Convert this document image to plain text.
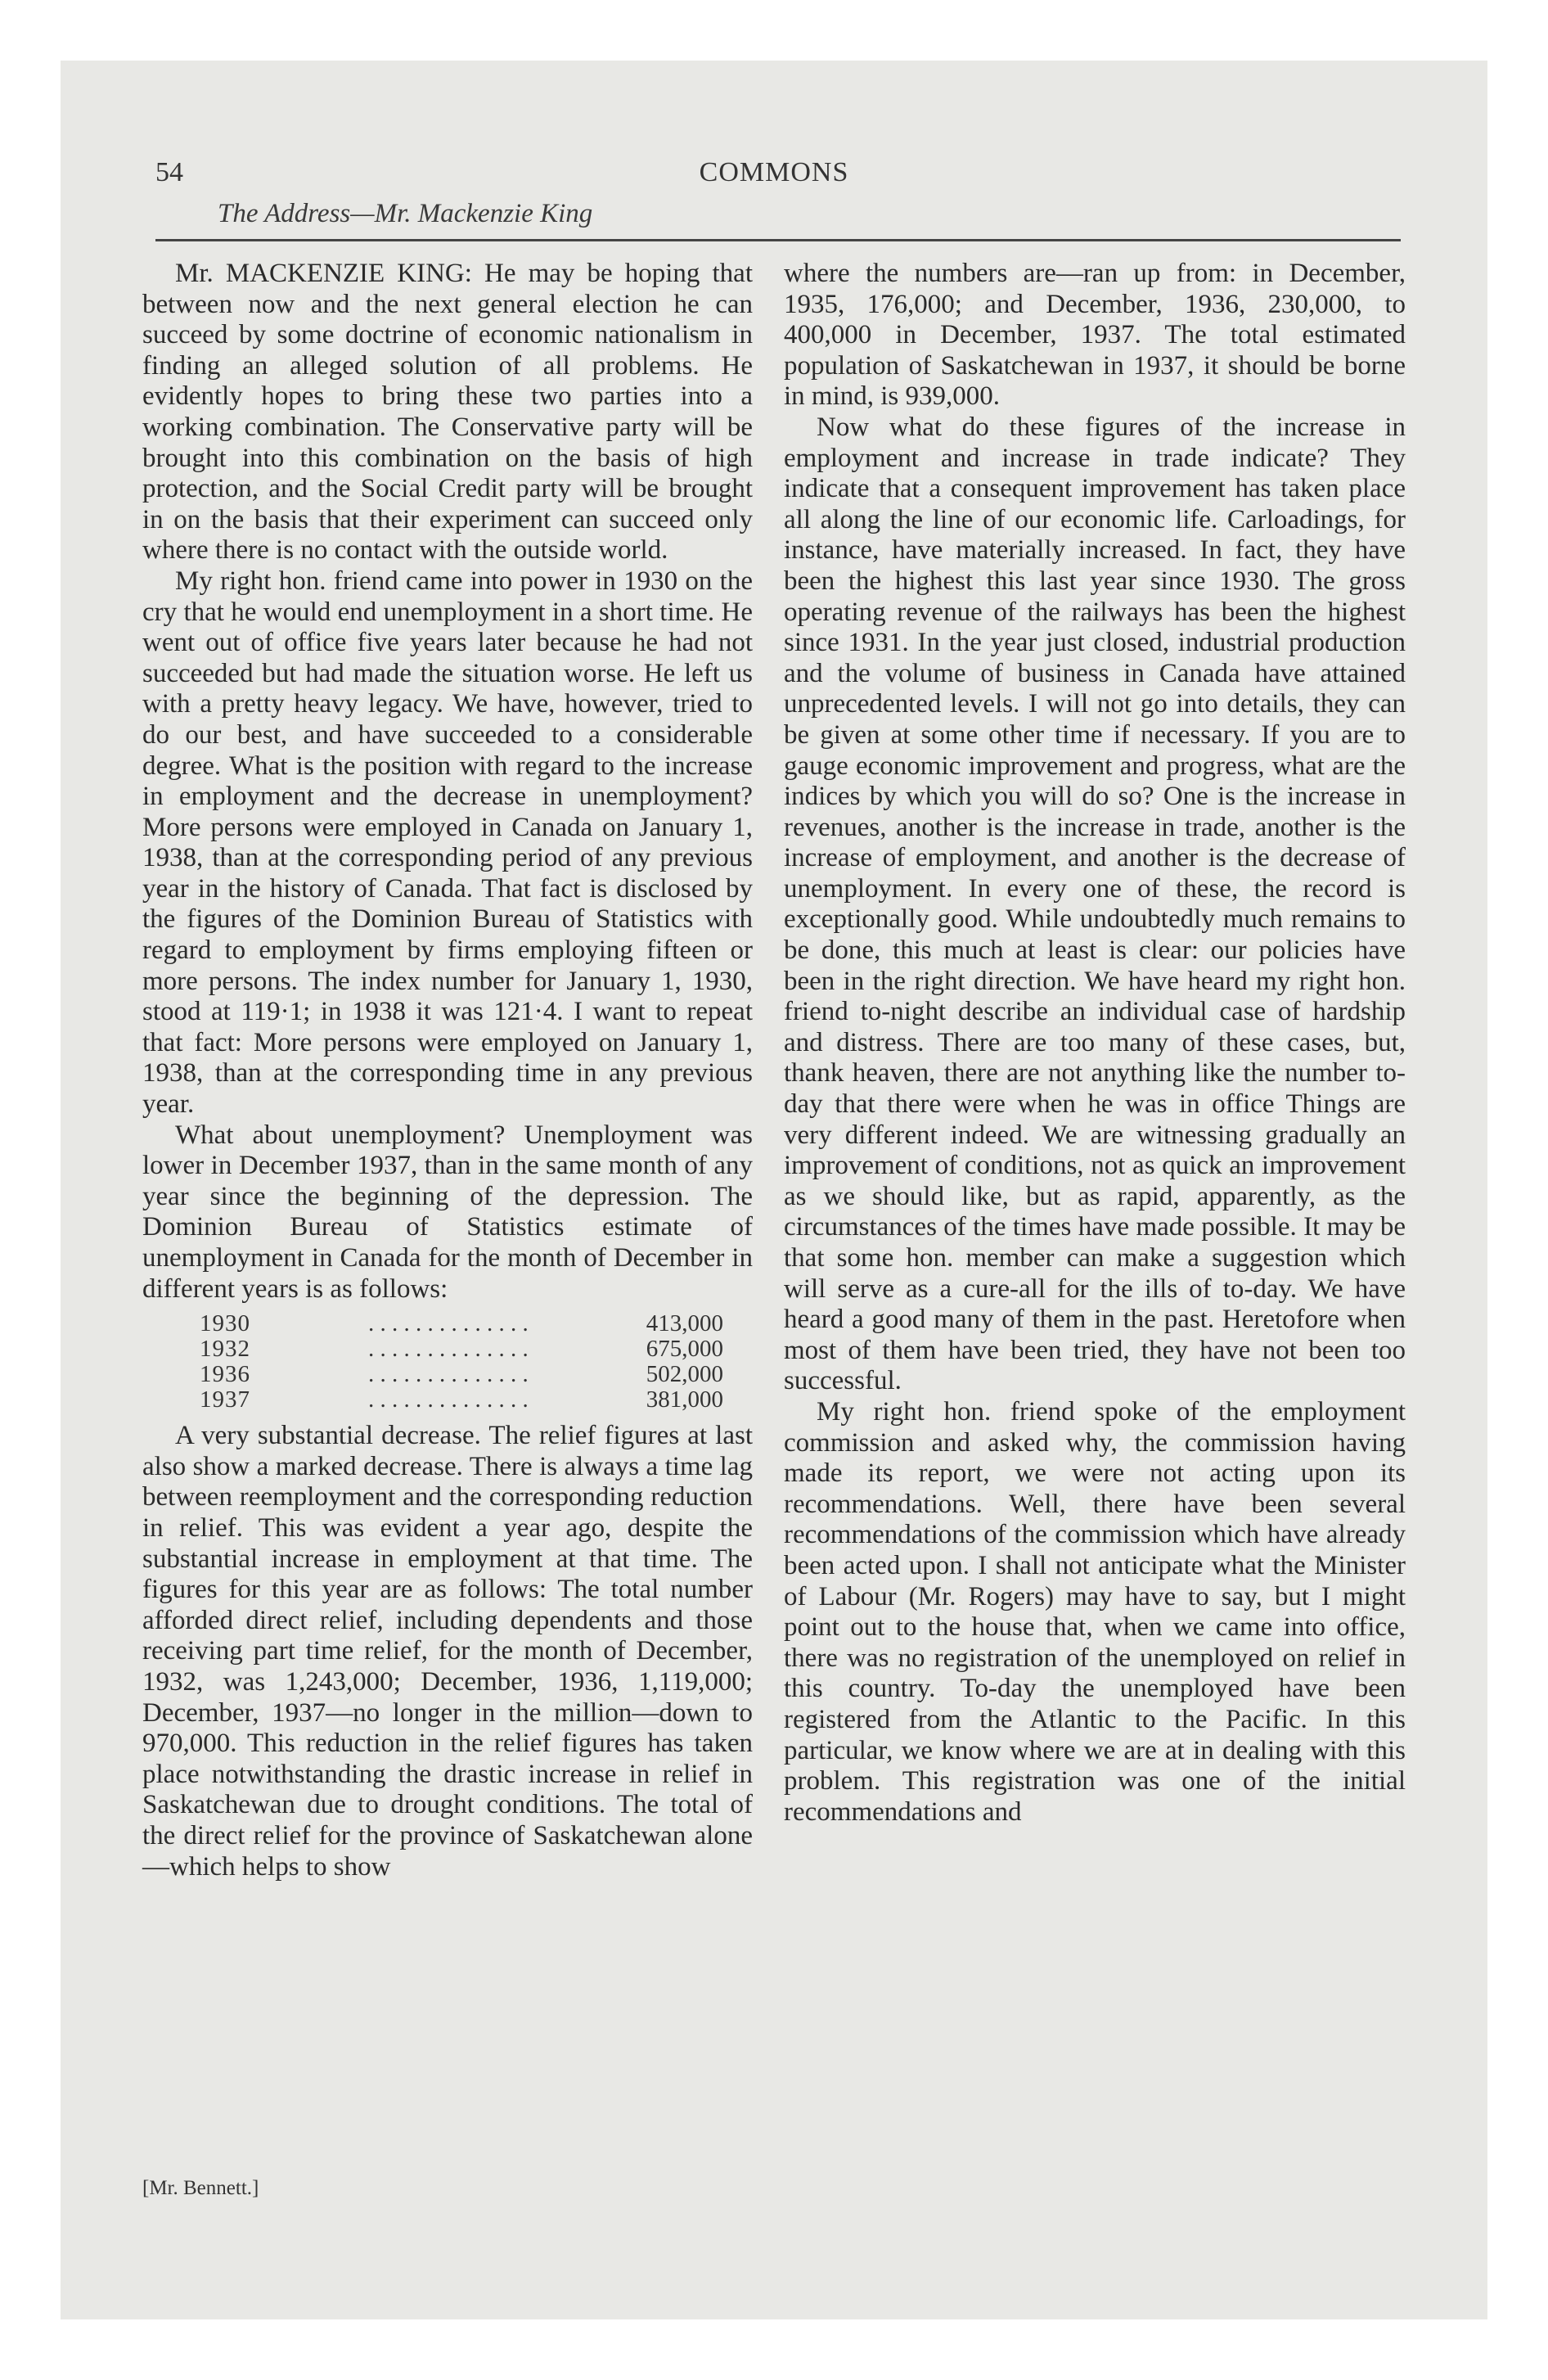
54	COMMONS
The Address—Mr. Mackenzie King

Mr. MACKENZIE KING: He may be hoping that between now and the next general election he can succeed by some doctrine of economic nationalism in finding an alleged solution of all problems. He evidently hopes to bring these two parties into a working combination. The Conservative party will be brought into this combination on the basis of high protection, and the Social Credit party will be brought in on the basis that their experiment can succeed only where there is no contact with the outside world.

My right hon. friend came into power in 1930 on the cry that he would end unemployment in a short time. He went out of office five years later because he had not succeeded but had made the situation worse. He left us with a pretty heavy legacy. We have, however, tried to do our best, and have succeeded to a considerable degree. What is the position with regard to the increase in employment and the decrease in unemployment? More persons were employed in Canada on January 1, 1938, than at the corresponding period of any previous year in the history of Canada. That fact is disclosed by the figures of the Dominion Bureau of Statistics with regard to employment by firms employing fifteen or more persons. The index number for January 1, 1930, stood at 119·1; in 1938 it was 121·4. I want to repeat that fact: More persons were employed on January 1, 1938, than at the corresponding time in any previous year.

What about unemployment? Unemployment was lower in December 1937, than in the same month of any year since the beginning of the depression. The Dominion Bureau of Statistics estimate of unemployment in Canada for the month of December in different years is as follows:

1930	. . . . . . . . . . . . . .	413,000
1932	. . . . . . . . . . . . . .	675,000
1936	. . . . . . . . . . . . . .	502,000
1937	. . . . . . . . . . . . . .	381,000

A very substantial decrease. The relief figures at last also show a marked decrease. There is always a time lag between reemployment and the corresponding reduction in relief. This was evident a year ago, despite the substantial increase in employment at that time. The figures for this year are as follows: The total number afforded direct relief, including dependents and those receiving part time relief, for the month of December, 1932, was 1,243,000; December, 1936, 1,119,000; December, 1937—no longer in the million—down to 970,000. This reduction in the relief figures has taken place notwithstanding the drastic increase in relief in Saskatchewan due to drought conditions. The total of the direct relief for the province of Saskatchewan alone—which helps to show

[Mr. Bennett.]

where the numbers are—ran up from: in December, 1935, 176,000; and December, 1936, 230,000, to 400,000 in December, 1937. The total estimated population of Saskatchewan in 1937, it should be borne in mind, is 939,000.

Now what do these figures of the increase in employment and increase in trade indicate? They indicate that a consequent improvement has taken place all along the line of our economic life. Carloadings, for instance, have materially increased. In fact, they have been the highest this last year since 1930. The gross operating revenue of the railways has been the highest since 1931. In the year just closed, industrial production and the volume of business in Canada have attained unprecedented levels. I will not go into details, they can be given at some other time if necessary. If you are to gauge economic improvement and progress, what are the indices by which you will do so? One is the increase in revenues, another is the increase in trade, another is the increase of employment, and another is the decrease of unemployment. In every one of these, the record is exceptionally good. While undoubtedly much remains to be done, this much at least is clear: our policies have been in the right direction. We have heard my right hon. friend to-night describe an individual case of hardship and distress. There are too many of these cases, but, thank heaven, there are not anything like the number to-day that there were when he was in office Things are very different indeed. We are witnessing gradually an improvement of conditions, not as quick an improvement as we should like, but as rapid, apparently, as the circumstances of the times have made possible. It may be that some hon. member can make a suggestion which will serve as a cure-all for the ills of to-day. We have heard a good many of them in the past. Heretofore when most of them have been tried, they have not been too successful.

My right hon. friend spoke of the employment commission and asked why, the commission having made its report, we were not acting upon its recommendations. Well, there have been several recommendations of the commission which have already been acted upon. I shall not anticipate what the Minister of Labour (Mr. Rogers) may have to say, but I might point out to the house that, when we came into office, there was no registration of the unemployed on relief in this country. To-day the unemployed have been registered from the Atlantic to the Pacific. In this particular, we know where we are at in dealing with this problem. This registration was one of the initial recommendations and
